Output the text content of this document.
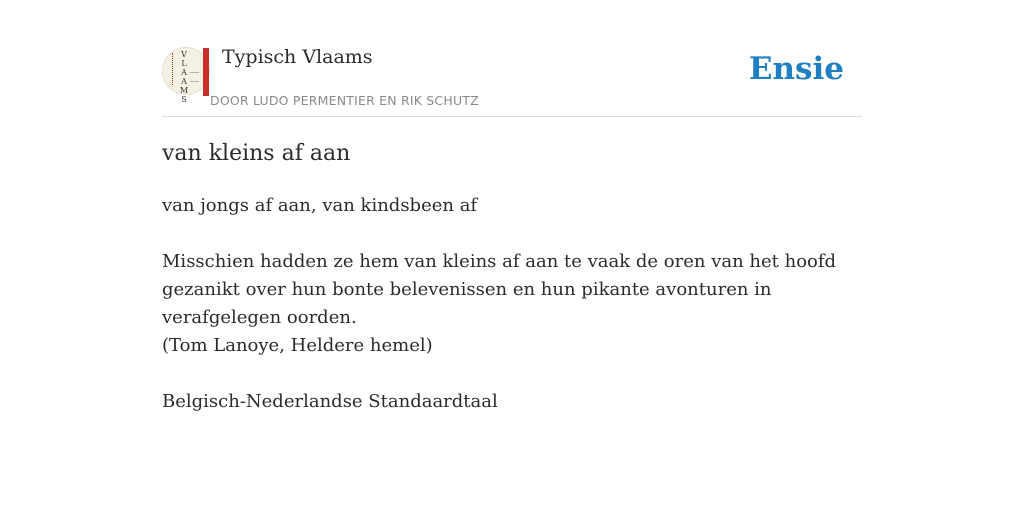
V
L
A
A
M
S
Typisch Vlaams
DOOR LUDO PERMENTIER EN RIK SCHUTZ
Ensie
van kleins af aan

van jongs af aan, van kindsbeen af

Misschien hadden ze hem van kleins af aan te vaak de oren van het hoofd gezanikt over hun bonte belevenissen en hun pikante avonturen in verafgelegen oorden.
(Tom Lanoye, Heldere hemel)

Belgisch-Nederlandse Standaardtaal
